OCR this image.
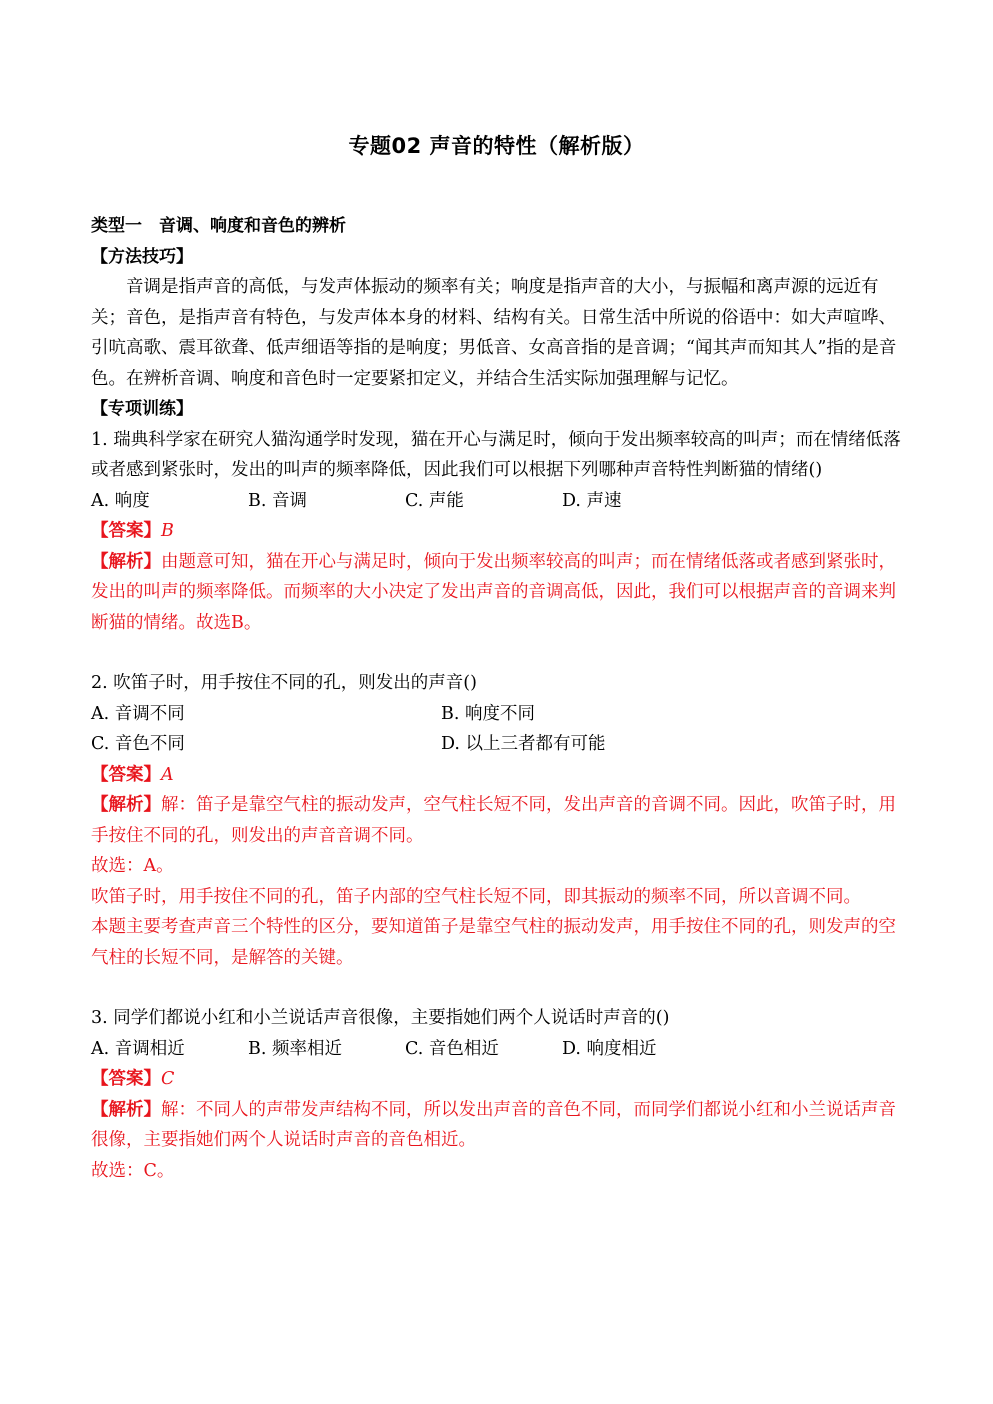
专题02 声音的特性（解析版）

类型一　音调、响度和音色的辨析

【方法技巧】

音调是指声音的高低，与发声体振动的频率有关；响度是指声音的大小，与振幅和离声源的远近有关；音色，是指声音有特色，与发声体本身的材料、结构有关。日常生活中所说的俗语中：如大声喧哗、引吭高歌、震耳欲聋、低声细语等指的是响度；男低音、女高音指的是音调；“闻其声而知其人”指的是音色。在辨析音调、响度和音色时一定要紧扣定义，并结合生活实际加强理解与记忆。

【专项训练】

1. 瑞典科学家在研究人猫沟通学时发现，猫在开心与满足时，倾向于发出频率较高的叫声；而在情绪低落或者感到紧张时，发出的叫声的频率降低，因此我们可以根据下列哪种声音特性判断猫的情绪()

A. 响度	B. 音调	C. 声能	D. 声速

【答案】B

【解析】由题意可知，猫在开心与满足时，倾向于发出频率较高的叫声；而在情绪低落或者感到紧张时，发出的叫声的频率降低。而频率的大小决定了发出声音的音调高低，因此，我们可以根据声音的音调来判断猫的情绪。故选B。

2. 吹笛子时，用手按住不同的孔，则发出的声音()

A. 音调不同	B. 响度不同
C. 音色不同	D. 以上三者都有可能

【答案】A

【解析】解：笛子是靠空气柱的振动发声，空气柱长短不同，发出声音的音调不同。因此，吹笛子时，用手按住不同的孔，则发出的声音音调不同。

故选：A。

吹笛子时，用手按住不同的孔，笛子内部的空气柱长短不同，即其振动的频率不同，所以音调不同。

本题主要考查声音三个特性的区分，要知道笛子是靠空气柱的振动发声，用手按住不同的孔，则发声的空气柱的长短不同，是解答的关键。

3. 同学们都说小红和小兰说话声音很像，主要指她们两个人说话时声音的()

A. 音调相近	B. 频率相近	C. 音色相近	D. 响度相近

【答案】C

【解析】解：不同人的声带发声结构不同，所以发出声音的音色不同，而同学们都说小红和小兰说话声音很像，主要指她们两个人说话时声音的音色相近。

故选：C。
